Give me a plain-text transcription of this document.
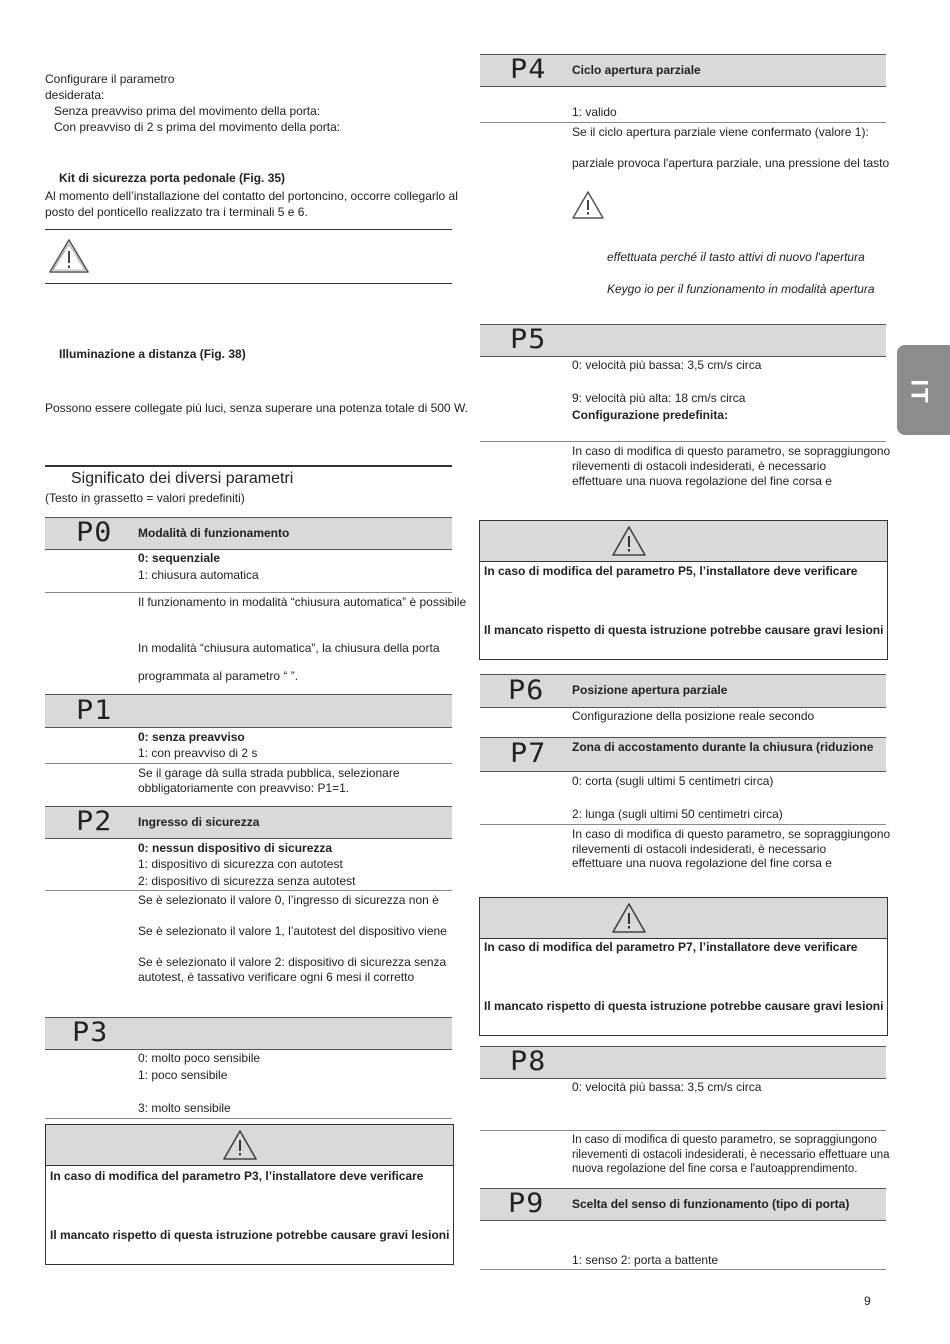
Configurare il parametro
desiderata:
Senza preavviso prima del movimento della porta:
Con preavviso di 2 s prima del movimento della porta:
Kit di sicurezza porta pedonale (Fig. 35)
Al momento dell’installazione del contatto del portoncino, occorre collegarlo al
posto del ponticello realizzato tra i terminali 5 e 6.
Illuminazione a distanza (Fig. 38)
Possono essere collegate più luci, senza superare una potenza totale di 500 W.
Significato dei diversi parametri
(Testo in grassetto = valori predefiniti)
P0 Modalità di funzionamento
0: sequenziale
1: chiusura automatica
Il funzionamento in modalità “chiusura automatica” è possibile
In modalità “chiusura automatica”, la chiusura della porta
programmata al parametro “ ”.
P1
0: senza preavviso
1: con preavviso di 2 s
Se il garage dà sulla strada pubblica, selezionare
obbligatoriamente con preavviso: P1=1.
P2 Ingresso di sicurezza
0: nessun dispositivo di sicurezza
1: dispositivo di sicurezza con autotest
2: dispositivo di sicurezza senza autotest
Se è selezionato il valore 0, l’ingresso di sicurezza non è
Se è selezionato il valore 1, l’autotest del dispositivo viene
Se è selezionato il valore 2: dispositivo di sicurezza senza
autotest, è tassativo verificare ogni 6 mesi il corretto
P3
0: molto poco sensibile
1: poco sensibile
3: molto sensibile
In caso di modifica del parametro P3, l’installatore deve verificare
Il mancato rispetto di questa istruzione potrebbe causare gravi lesioni
P4 Ciclo apertura parziale
1: valido
Se il ciclo apertura parziale viene confermato (valore 1):
parziale provoca l'apertura parziale, una pressione del tasto
effettuata perché il tasto attivi di nuovo l'apertura
Keygo io per il funzionamento in modalità apertura
P5
0: velocità più bassa: 3,5 cm/s circa
9: velocità più alta: 18 cm/s circa
Configurazione predefinita:
In caso di modifica di questo parametro, se sopraggiungono
rilevementi di ostacoli indesiderati, è necessario
effettuare una nuova regolazione del fine corsa e
In caso di modifica del parametro P5, l’installatore deve verificare
Il mancato rispetto di questa istruzione potrebbe causare gravi lesioni
P6 Posizione apertura parziale
Configurazione della posizione reale secondo
P7 Zona di accostamento durante la chiusura (riduzione
0: corta (sugli ultimi 5 centimetri circa)
2: lunga (sugli ultimi 50 centimetri circa)
In caso di modifica di questo parametro, se sopraggiungono
rilevementi di ostacoli indesiderati, è necessario
effettuare una nuova regolazione del fine corsa e
In caso di modifica del parametro P7, l’installatore deve verificare
Il mancato rispetto di questa istruzione potrebbe causare gravi lesioni
P8
0: velocità più bassa: 3,5 cm/s circa
In caso di modifica di questo parametro, se sopraggiungono
rilevementi di ostacoli indesiderati, è necessario effettuare una
nuova regolazione del fine corsa e l'autoapprendimento.
P9 Scelta del senso di funzionamento (tipo di porta)
1: senso 2: porta a battente
IT
9
